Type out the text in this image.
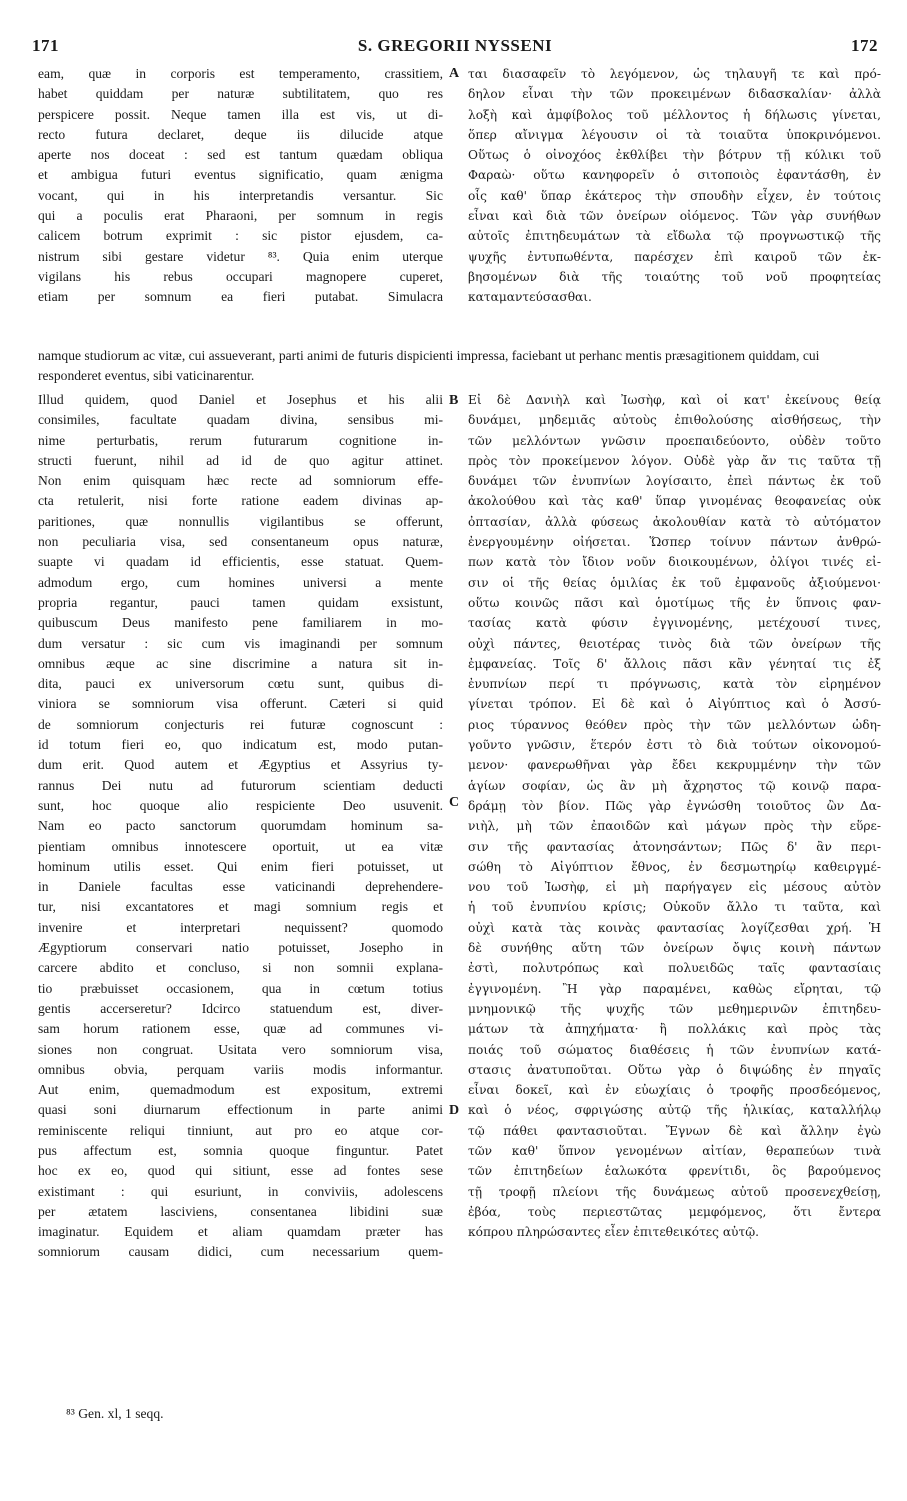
171	S. GREGORII NYSSENI	172
eam, quæ in corporis est temperamento, crassitiem,
habet quiddam per naturæ subtilitatem, quo res
perspicere possit. Neque tamen illa est vis, ut di-
recto futura declaret, deque iis dilucide atque
aperte nos doceat : sed est tantum quædam obliqua
et ambigua futuri eventus significatio, quam ænigma
vocant, qui in his interpretandis versantur. Sic
qui a poculis erat Pharaoni, per somnum in regis
calicem botrum exprimit : sic pistor ejusdem, ca-
nistrum sibi gestare videtur ⁸³. Quia enim uterque
vigilans his rebus occupari magnopere cuperet,
etiam per somnum ea fieri putabat. Simulacra
ται διασαφεῖν τὸ λεγόμενον, ὡς τηλαυγῆ τε καὶ πρό-
δηλον εἶναι τὴν τῶν προκειμένων διδασκαλίαν· ἀλλὰ
λοξὴ καὶ ἀμφίβολος τοῦ μέλλοντος ἡ δήλωσις γίνεται,
ὅπερ αἴνιγμα λέγουσιν οἱ τὰ τοιαῦτα ὑποκρινόμενοι.
Οὕτως ὁ οἰνοχόος ἐκθλίβει τὴν βότρυν τῇ κύλικι τοῦ
Φαραὼ· οὕτω κανηφορεῖν ὁ σιτοποιὸς ἐφαντάσθη, ἐν
οἷς καθ' ὕπαρ ἑκάτερος τὴν σπουδὴν εἶχεν, ἐν τούτοις
εἶναι καὶ διὰ τῶν ὀνείρων οἰόμενος. Τῶν γὰρ συνήθων
αὐτοῖς ἐπιτηδευμάτων τὰ εἴδωλα τῷ προγνωστικῷ τῆς
ψυχῆς ἐντυπωθέντα, παρέσχεν ἐπὶ καιροῦ τῶν ἐκ-
βησομένων διὰ τῆς τοιαύτης τοῦ νοῦ προφητείας
καταμαντεύσασθαι.
namque studiorum ac vitæ, cui assueverant, parti animi de futuris dispicienti impressa, faciebant ut perhanc mentis præsagitionem quiddam, cui responderet eventus, sibi vaticinarentur.
Illud quidem, quod Daniel et Josephus et his alii
consimiles, facultate quadam divina, sensibus mi-
nime perturbatis, rerum futurarum cognitione in-
structi fuerunt, nihil ad id de quo agitur attinet.
Non enim quisquam hæc recte ad somniorum effe-
cta retulerit, nisi forte ratione eadem divinas ap-
paritiones, quæ nonnullis vigilantibus se offerunt,
non peculiaria visa, sed consentaneum opus naturæ,
suapte vi quadam id efficientis, esse statuat. Quem-
admodum ergo, cum homines universi a mente
propria regantur, pauci tamen quidam exsistunt,
quibuscum Deus manifesto pene familiarem in mo-
dum versatur : sic cum vis imaginandi per somnum
omnibus æque ac sine discrimine a natura sit in-
dita, pauci ex universorum cœtu sunt, quibus di-
viniora se somniorum visa offerunt. Cæteri si quid
de somniorum conjecturis rei futuræ cognoscunt :
id totum fieri eo, quo indicatum est, modo putan-
dum erit. Quod autem et Ægyptius et Assyrius ty-
rannus Dei nutu ad futurorum scientiam deducti
sunt, hoc quoque alio respiciente Deo usuvenit.
Nam eo pacto sanctorum quorumdam hominum sa-
pientiam omnibus innotescere oportuit, ut ea vitæ
hominum utilis esset. Qui enim fieri potuisset, ut
in Daniele facultas esse vaticinandi deprehendere-
tur, nisi excantatores et magi somnium regis et
invenire et interpretari nequissent? quomodo
Ægyptiorum conservari natio potuisset, Josepho in
carcere abdito et concluso, si non somnii explana-
tio præbuisset occasionem, qua in cœtum totius
gentis accerseretur? Idcirco statuendum est, diver-
sam horum rationem esse, quæ ad communes vi-
siones non congruat. Usitata vero somniorum visa,
omnibus obvia, perquam variis modis informantur.
Aut enim, quemadmodum est expositum, extremi
quasi soni diurnarum effectionum in parte animi
reminiscente reliqui tinniunt, aut pro eo atque cor-
pus affectum est, somnia quoque finguntur. Patet
hoc ex eo, quod qui sitiunt, esse ad fontes sese
existimant : qui esuriunt, in conviviis, adolescens
per ætatem lasciviens, consentanea libidini suæ
imaginatur. Equidem et aliam quamdam præter has
somniorum causam didici, cum necessarium quem-
Εἰ δὲ Δανιὴλ καὶ Ἰωσὴφ, καὶ οἱ κατ' ἐκείνους θείᾳ
δυνάμει, μηδεμιᾶς αὐτοὺς ἐπιθολούσης αἰσθήσεως, τὴν
τῶν μελλόντων γνῶσιν προεπαιδεύοντο, οὐδὲν τοῦτο
πρὸς τὸν προκείμενον λόγον. Οὐδὲ γὰρ ἄν τις ταῦτα τῇ
δυνάμει τῶν ἐνυπνίων λογίσαιτο, ἐπεὶ πάντως ἐκ τοῦ
ἀκολούθου καὶ τὰς καθ' ὕπαρ γινομένας θεοφανείας οὐκ
ὀπτασίαν, ἀλλὰ φύσεως ἀκολουθίαν κατὰ τὸ αὐτόματον
ἐνεργουμένην οἰήσεται. Ὥσπερ τοίνυν πάντων ἀνθρώ-
πων κατὰ τὸν ἴδιον νοῦν διοικουμένων, ὀλίγοι τινές εἰ-
σιν οἱ τῆς θείας ὁμιλίας ἐκ τοῦ ἐμφανοῦς ἀξιούμενοι·
οὕτω κοινῶς πᾶσι καὶ ὁμοτίμως τῆς ἐν ὕπνοις φαν-
τασίας κατὰ φύσιν ἐγγινομένης, μετέχουσί τινες,
οὐχὶ πάντες, θειοτέρας τινὸς διὰ τῶν ὀνείρων τῆς
ἐμφανείας. Τοῖς δ' ἄλλοις πᾶσι κἂν γένηταί τις ἐξ
ἐνυπνίων περί τι πρόγνωσις, κατὰ τὸν εἰρημένον
γίνεται τρόπον. Εἰ δὲ καὶ ὁ Αἰγύπτιος καὶ ὁ Ἀσσύ-
ριος τύραννος θεόθεν πρὸς τὴν τῶν μελλόντων ὡδη-
γοῦντο γνῶσιν, ἕτερόν ἐστι τὸ διὰ τούτων οἰκονομού-
μενον· φανερωθῆναι γὰρ ἔδει κεκρυμμένην τὴν τῶν
ἁγίων σοφίαν, ὡς ἂν μὴ ἄχρηστος τῷ κοινῷ παρα-
δράμῃ τὸν βίον. Πῶς γὰρ ἐγνώσθη τοιοῦτος ὢν Δα-
νιὴλ, μὴ τῶν ἐπαοιδῶν καὶ μάγων πρὸς τὴν εὕρε-
σιν τῆς φαντασίας ἀτονησάντων; Πῶς δ' ἂν περι-
σώθη τὸ Αἰγύπτιον ἔθνος, ἐν δεσμωτηρίῳ καθειργμέ-
νου τοῦ Ἰωσὴφ, εἰ μὴ παρήγαγεν εἰς μέσους αὐτὸν
ἡ τοῦ ἐνυπνίου κρίσις; Οὐκοῦν ἄλλο τι ταῦτα, καὶ
οὐχὶ κατὰ τὰς κοινὰς φαντασίας λογίζεσθαι χρή. Ἡ
δὲ συνήθης αὕτη τῶν ὀνείρων ὄψις κοινὴ πάντων
ἐστὶ, πολυτρόπως καὶ πολυειδῶς ταῖς φαντασίαις
ἐγγινομένη. Ἢ γὰρ παραμένει, καθὼς εἴρηται, τῷ
μνημονικῷ τῆς ψυχῆς τῶν μεθημερινῶν ἐπιτηδευ-
μάτων τὰ ἀπηχήματα· ἢ πολλάκις καὶ πρὸς τὰς
ποιάς τοῦ σώματος διαθέσεις ἡ τῶν ἐνυπνίων κατά-
στασις ἀνατυποῦται. Οὕτω γὰρ ὁ διψώδης ἐν πηγαῖς
εἶναι δοκεῖ, καὶ ἐν εὐωχίαις ὁ τροφῆς προσδεόμενος,
καὶ ὁ νέος, σφριγώσης αὐτῷ τῆς ἡλικίας, καταλλήλῳ
τῷ πάθει φαντασιοῦται. Ἔγνων δὲ καὶ ἄλλην ἐγὼ
τῶν καθ' ὕπνον γενομένων αἰτίαν, θεραπεύων τινὰ
τῶν ἐπιτηδείων ἑαλωκότα φρενίτιδι, ὃς βαρούμενος
τῇ τροφῇ πλείονι τῆς δυνάμεως αὐτοῦ προσενεχθείσῃ,
ἐβόα, τοὺς περιεστῶτας μεμφόμενος, ὅτι ἔντερα
κόπρου πληρώσαντες εἶεν ἐπιτεθεικότες αὐτῷ.
A
B
C
D
⁸³ Gen. xl, 1 seqq.
